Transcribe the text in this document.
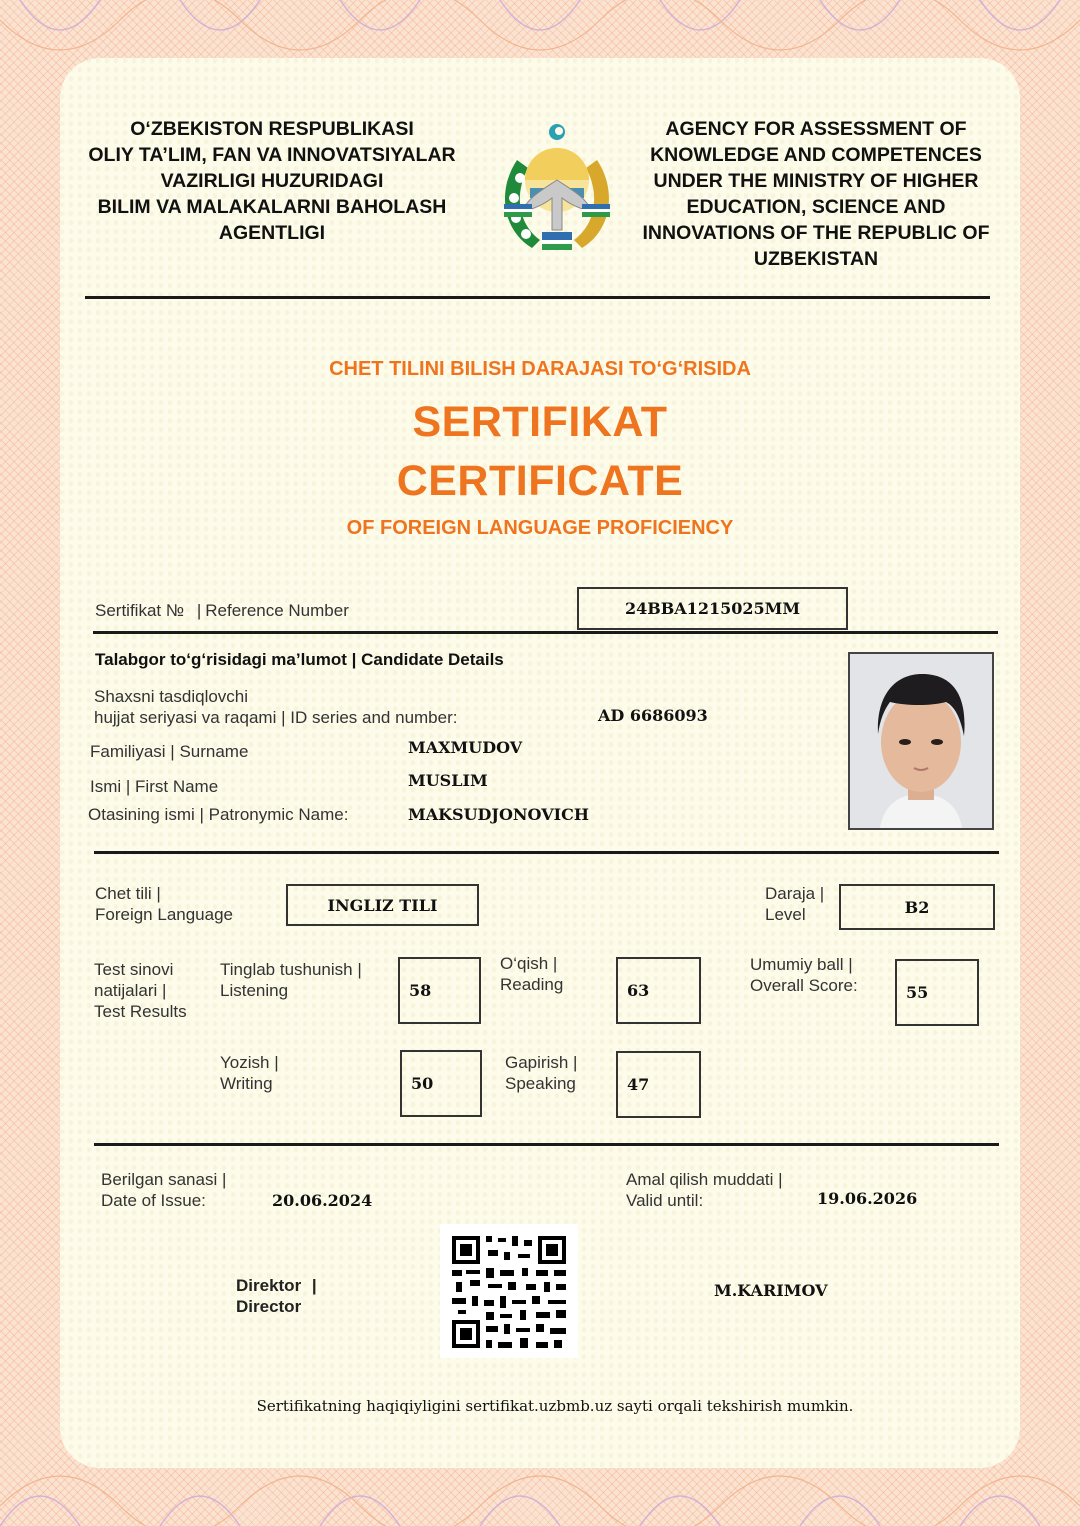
O‘ZBEKISTON RESPUBLIKASI
OLIY TA’LIM, FAN VA INNOVATSIYALAR
VAZIRLIGI HUZURIDAGI
BILIM VA MALAKALARNI BAHOLASH
AGENTLIGI
AGENCY FOR ASSESSMENT OF
KNOWLEDGE AND COMPETENCES
UNDER THE MINISTRY OF HIGHER
EDUCATION, SCIENCE AND
INNOVATIONS OF THE REPUBLIC OF
UZBEKISTAN
CHET TILINI BILISH DARAJASI TO‘G‘RISIDA
SERTIFIKAT
CERTIFICATE
OF FOREIGN LANGUAGE PROFICIENCY
Sertifikat № | Reference Number	24BBA1215025MM
Talabgor to‘g‘risidagi ma’lumot | Candidate Details
Shaxsni tasdiqlovchi
hujjat seriyasi va raqami | ID series and number:	AD 6686093
Familiyasi | Surname	MAXMUDOV
Ismi | First Name	MUSLIM
Otasining ismi | Patronymic Name:	MAKSUDJONOVICH
Chet tili |
Foreign Language	INGLIZ TILI
Daraja |
Level	B2
Test sinovi
natijalari |
Test Results
Tinglab tushunish |
Listening	58
O‘qish |
Reading	63
Umumiy ball |
Overall Score:	55
Yozish |
Writing	50
Gapirish |
Speaking	47
Berilgan sanasi |
Date of Issue:	20.06.2024
Amal qilish muddati |
Valid until:	19.06.2026
Direktor |
Director
M.KARIMOV
Sertifikatning haqiqiyligini sertifikat.uzbmb.uz sayti orqali tekshirish mumkin.
